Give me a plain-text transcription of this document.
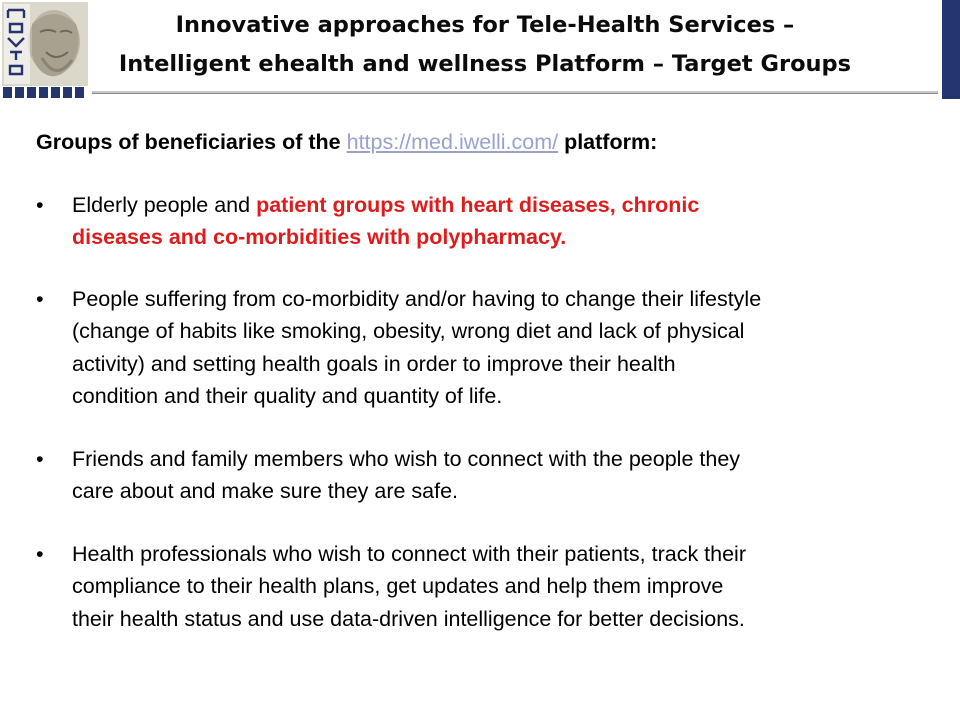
Innovative approaches for Tele-Health Services –
Intelligent ehealth and wellness Platform – Target Groups
Groups of beneficiaries of the https://med.iwelli.com/ platform:
•	Elderly people and patient groups with heart diseases, chronic
diseases and co-morbidities with polypharmacy.
•	People suffering from co-morbidity and/or having to change their lifestyle
(change of habits like smoking, obesity, wrong diet and lack of physical
activity) and setting health goals in order to improve their health
condition and their quality and quantity of life.
•	Friends and family members who wish to connect with the people they
care about and make sure they are safe.
•	Health professionals who wish to connect with their patients, track their
compliance to their health plans, get updates and help them improve
their health status and use data-driven intelligence for better decisions.
